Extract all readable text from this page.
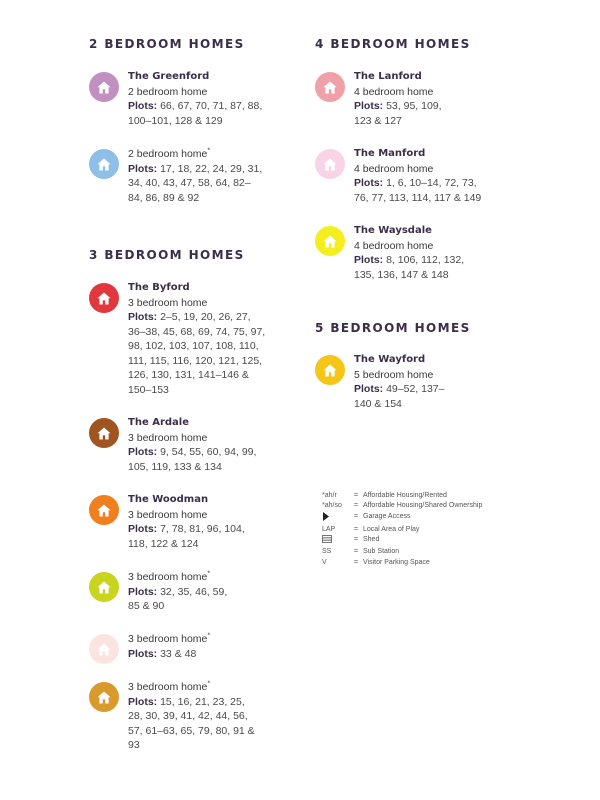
2 BEDROOM HOMES
The Greenford
2 bedroom home
Plots: 66, 67, 70, 71, 87, 88, 100–101, 128 & 129
2 bedroom home*
Plots: 17, 18, 22, 24, 29, 31, 34, 40, 43, 47, 58, 64, 82–84, 86, 89 & 92
3 BEDROOM HOMES
The Byford
3 bedroom home
Plots: 2–5, 19, 20, 26, 27, 36–38, 45, 68, 69, 74, 75, 97, 98, 102, 103, 107, 108, 110, 111, 115, 116, 120, 121, 125, 126, 130, 131, 141–146 & 150–153
The Ardale
3 bedroom home
Plots: 9, 54, 55, 60, 94, 99, 105, 119, 133 & 134
The Woodman
3 bedroom home
Plots: 7, 78, 81, 96, 104, 118, 122 & 124
3 bedroom home*
Plots: 32, 35, 46, 59, 85 & 90
3 bedroom home*
Plots: 33 & 48
3 bedroom home*
Plots: 15, 16, 21, 23, 25, 28, 30, 39, 41, 42, 44, 56, 57, 61–63, 65, 79, 80, 91 & 93
4 BEDROOM HOMES
The Lanford
4 bedroom home
Plots: 53, 95, 109, 123 & 127
The Manford
4 bedroom home
Plots: 1, 6, 10–14, 72, 73, 76, 77, 113, 114, 117 & 149
The Waysdale
4 bedroom home
Plots: 8, 106, 112, 132, 135, 136, 147 & 148
5 BEDROOM HOMES
The Wayford
5 bedroom home
Plots: 49–52, 137–140 & 154
*ah/r	= Affordable Housing/Rented
*ah/so	= Affordable Housing/Shared Ownership
= Garage Access
LAP	= Local Area of Play
= Shed
SS	= Sub Station
V	= Visitor Parking Space
